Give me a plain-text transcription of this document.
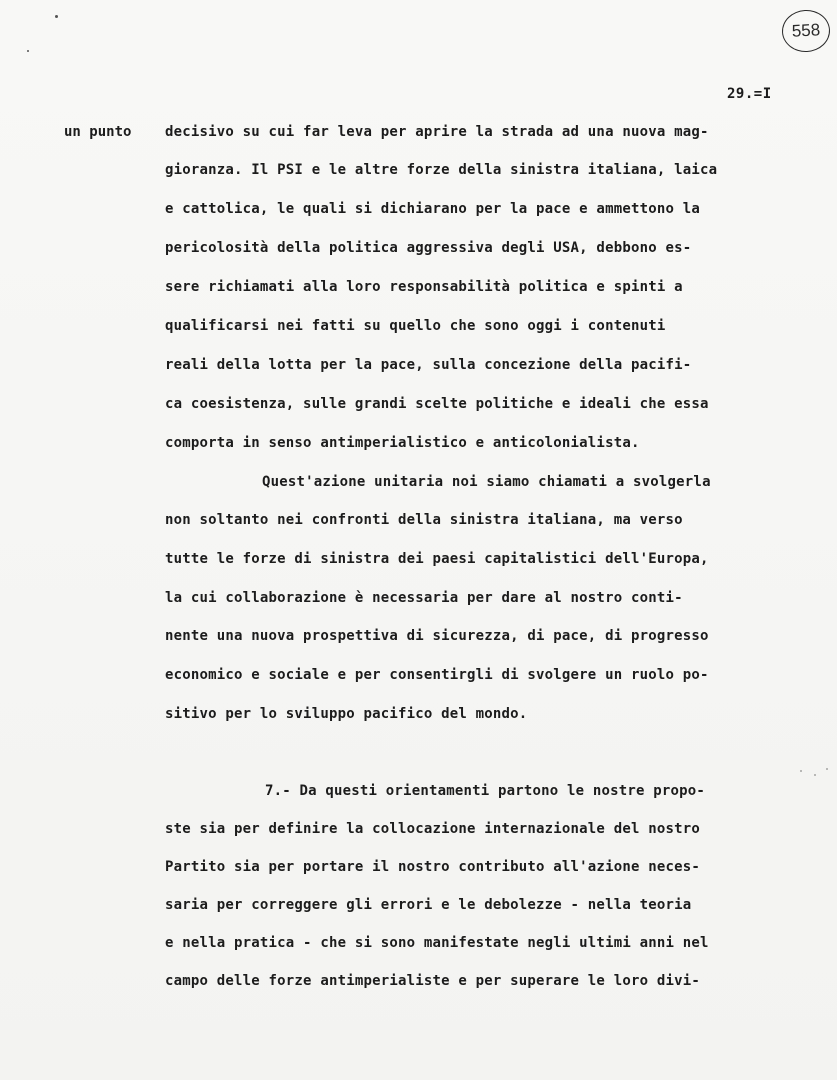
558
29.=I
un punto decisivo su cui far leva per aprire la strada ad una nuova mag-
gioranza. Il PSI e le altre forze della sinistra italiana, laica
e cattolica, le quali si dichiarano per la pace e ammettono la
pericolosità della politica aggressiva degli USA, debbono es-
sere richiamati alla loro responsabilità politica e spinti a
qualificarsi nei fatti su quello che sono oggi i contenuti
reali della lotta per la pace, sulla concezione della pacifi-
ca coesistenza, sulle grandi scelte politiche e ideali che essa
comporta in senso antimperialistico e anticolonialista.
Quest'azione unitaria noi siamo chiamati a svolgerla
non soltanto nei confronti della sinistra italiana, ma verso
tutte le forze di sinistra dei paesi capitalistici dell'Europa,
la cui collaborazione è necessaria per dare al nostro conti-
nente una nuova prospettiva di sicurezza, di pace, di progresso
economico e sociale e per consentirgli di svolgere un ruolo po-
sitivo per lo sviluppo pacifico del mondo.
7.- Da questi orientamenti partono le nostre propo-
ste sia per definire la collocazione internazionale del nostro
Partito sia per portare il nostro contributo all'azione neces-
saria per correggere gli errori e le debolezze - nella teoria
e nella pratica - che si sono manifestate negli ultimi anni nel
campo delle forze antimperialiste e per superare le loro divi-
